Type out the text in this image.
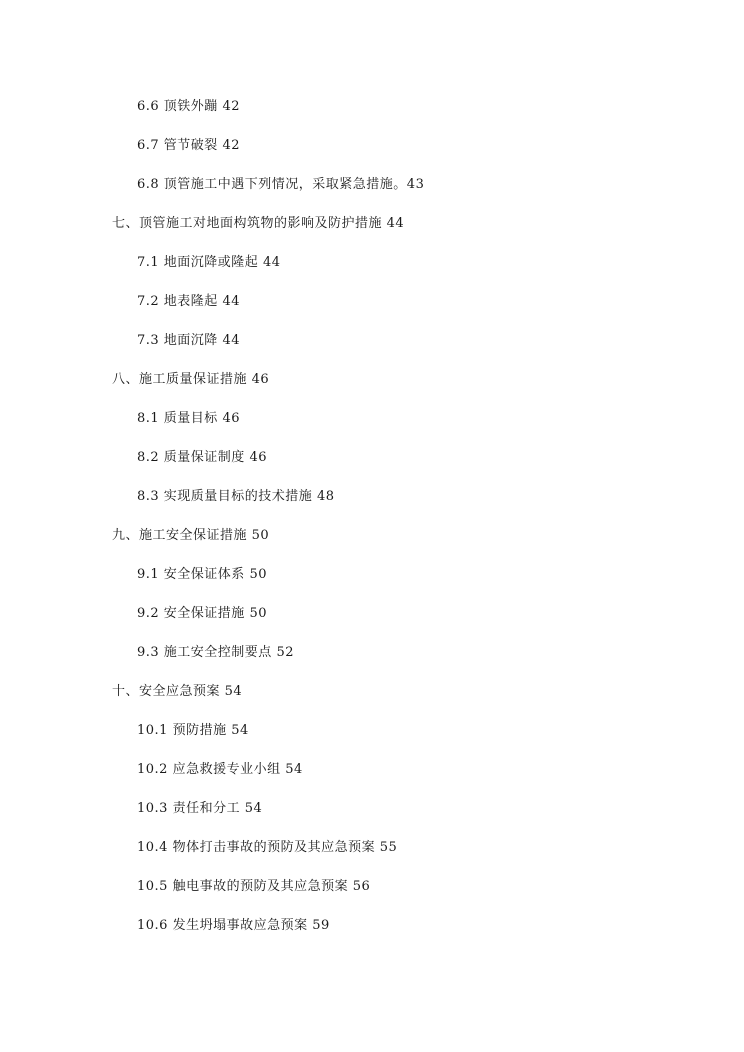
6.6 顶铁外蹦 42
6.7 管节破裂 42
6.8 顶管施工中遇下列情况，采取紧急措施。43
七、顶管施工对地面构筑物的影响及防护措施 44
7.1 地面沉降或隆起 44
7.2 地表隆起 44
7.3 地面沉降 44
八、施工质量保证措施 46
8.1 质量目标 46
8.2 质量保证制度 46
8.3 实现质量目标的技术措施 48
九、施工安全保证措施 50
9.1 安全保证体系 50
9.2 安全保证措施 50
9.3 施工安全控制要点 52
十、安全应急预案 54
10.1 预防措施 54
10.2 应急救援专业小组 54
10.3 责任和分工 54
10.4 物体打击事故的预防及其应急预案 55
10.5 触电事故的预防及其应急预案 56
10.6 发生坍塌事故应急预案 59
